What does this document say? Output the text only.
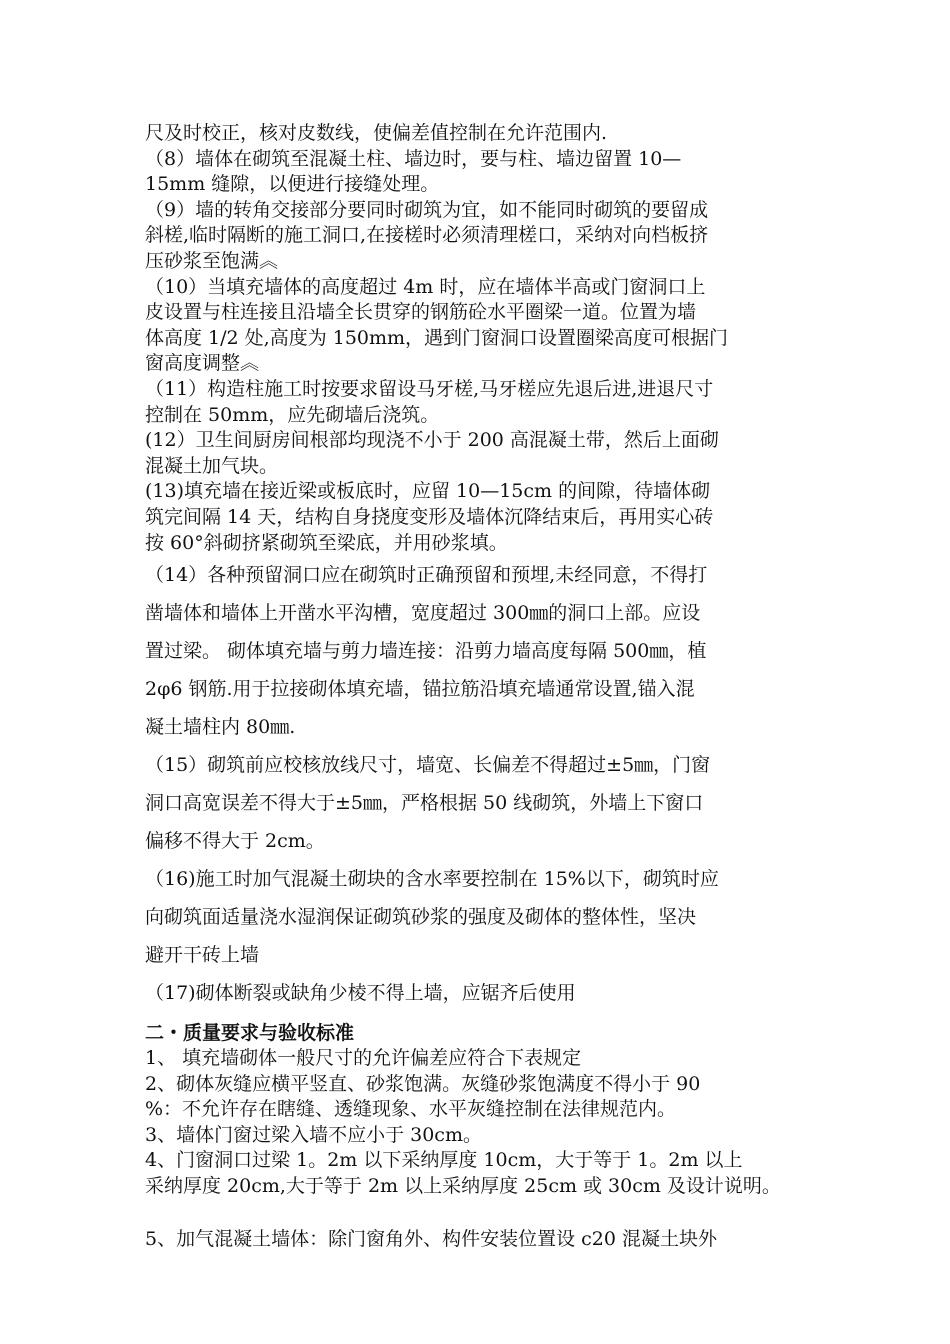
尺及时校正，核对皮数线，使偏差值控制在允许范围内.

（8）墙体在砌筑至混凝土柱、墙边时，要与柱、墙边留置 10—

15mm 缝隙，以便进行接缝处理。

（9）墙的转角交接部分要同时砌筑为宜，如不能同时砌筑的要留成

斜槎,临时隔断的施工洞口,在接槎时必须清理槎口，采纳对向档板挤

压砂浆至饱满︽

（10）当填充墙体的高度超过 4m 时，应在墙体半高或门窗洞口上

皮设置与柱连接且沿墙全长贯穿的钢筋砼水平圈梁一道。位置为墙

体高度 1/2 处,高度为 150mm，遇到门窗洞口设置圈梁高度可根据门

窗高度调整︽

（11）构造柱施工时按要求留设马牙槎,马牙槎应先退后进,进退尺寸

控制在 50mm，应先砌墙后浇筑。

(12）卫生间厨房间根部均现浇不小于 200 高混凝土带，然后上面砌

混凝土加气块。

(13)填充墙在接近梁或板底时，应留 10—15cm 的间隙，待墙体砌

筑完间隔 14 天，结构自身挠度变形及墙体沉降结束后，再用实心砖

按 60°斜砌挤紧砌筑至梁底，并用砂浆填。

（14）各种预留洞口应在砌筑时正确预留和预埋,未经同意，不得打

凿墙体和墙体上开凿水平沟槽，宽度超过 300㎜的洞口上部。应设

置过梁。 砌体填充墙与剪力墙连接：沿剪力墙高度每隔 500㎜，植

2φ6 钢筋.用于拉接砌体填充墙，锚拉筋沿填充墙通常设置,锚入混

凝土墙柱内 80㎜.

（15）砌筑前应校核放线尺寸，墙宽、长偏差不得超过±5㎜，门窗

洞口高宽误差不得大于±5㎜，严格根据 50 线砌筑，外墙上下窗口

偏移不得大于 2cm。

（16)施工时加气混凝土砌块的含水率要控制在 15%以下，砌筑时应

向砌筑面适量浇水湿润保证砌筑砂浆的强度及砌体的整体性，坚决

避开干砖上墙

（17)砌体断裂或缺角少棱不得上墙，应锯齐后使用

二・质量要求与验收标准

1、 填充墙砌体一般尺寸的允许偏差应符合下表规定

2、砌体灰缝应横平竖直、砂浆饱满。灰缝砂浆饱满度不得小于 90

%：不允许存在瞎缝、透缝现象、水平灰缝控制在法律规范内。

3、墙体门窗过梁入墙不应小于 30cm。

4、门窗洞口过梁 1。2m 以下采纳厚度 10cm，大于等于 1。2m 以上

采纳厚度 20cm,大于等于 2m 以上采纳厚度 25cm 或 30cm 及设计说明。

5、加气混凝土墙体：除门窗角外、构件安装位置设 c20 混凝土块外
